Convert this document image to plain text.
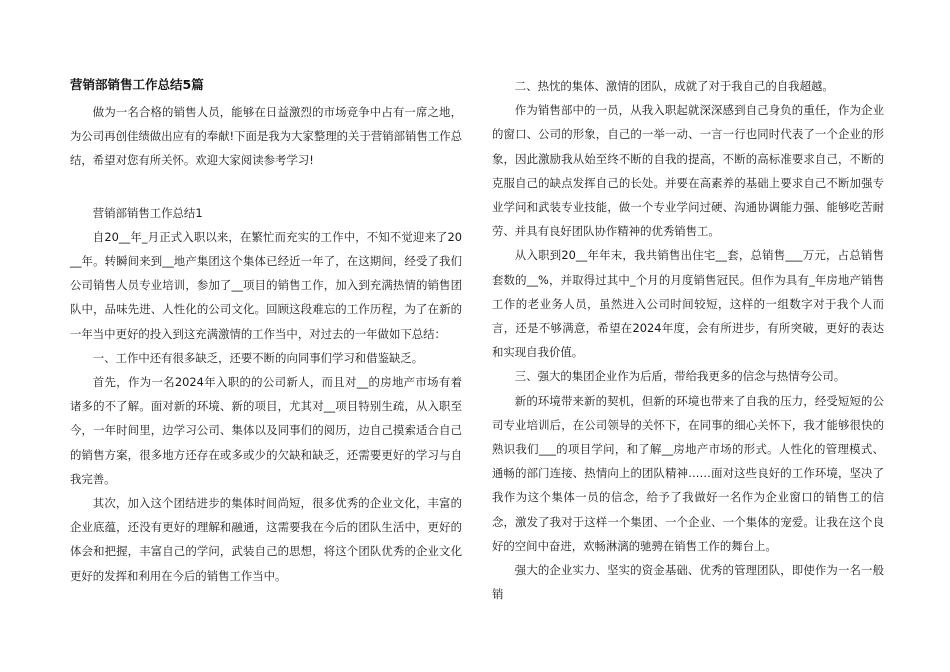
营销部销售工作总结5篇

做为一名合格的销售人员，能够在日益激烈的市场竞争中占有一席之地，为公司再创佳绩做出应有的奉献!下面是我为大家整理的关于营销部销售工作总结，希望对您有所关怀。欢迎大家阅读参考学习!

营销部销售工作总结1

自20__年_月正式入职以来，在繁忙而充实的工作中，不知不觉迎来了20__年。转瞬间来到__地产集团这个集体已经近一年了，在这期间，经受了我们公司销售人员专业培训，参加了__项目的销售工作，加入到充满热情的销售团队中，品味先进、人性化的公司文化。回顾这段难忘的工作历程，为了在新的一年当中更好的投入到这充满激情的工作当中，对过去的一年做如下总结：

一、工作中还有很多缺乏，还要不断的向同事们学习和借鉴缺乏。

首先，作为一名2024年入职的的公司新人，而且对__的房地产市场有着诸多的不了解。面对新的环境、新的项目，尤其对__项目特别生疏，从入职至今，一年时间里，边学习公司、集体以及同事们的阅历，边自己摸索适合自己的销售方案，很多地方还存在或多或少的欠缺和缺乏，还需要更好的学习与自我完善。

其次，加入这个团结进步的集体时间尚短，很多优秀的企业文化，丰富的企业底蕴，还没有更好的理解和融通，这需要我在今后的团队生活中，更好的体会和把握，丰富自己的学问，武装自己的思想，将这个团队优秀的企业文化更好的发挥和利用在今后的销售工作当中。

二、热忱的集体、激情的团队，成就了对于我自己的自我超越。

作为销售部中的一员，从我入职起就深深感到自己身负的重任，作为企业的窗口、公司的形象，自己的一举一动、一言一行也同时代表了一个企业的形象，因此激励我从始至终不断的自我的提高，不断的高标准要求自己，不断的克服自己的缺点发挥自己的长处。并要在高素养的基础上要求自己不断加强专业学问和武装专业技能，做一个专业学问过硬、沟通协调能力强、能够吃苦耐劳、并具有良好团队协作精神的优秀销售工。

从入职到20__年年末，我共销售出住宅__套，总销售___万元，占总销售套数的__%，并取得过其中_个月的月度销售冠民。但作为具有_年房地产销售工作的老业务人员，虽然进入公司时间较短，这样的一组数字对于我个人而言，还是不够满意，希望在2024年度，会有所进步，有所突破，更好的表达和实现自我价值。

三、强大的集团企业作为后盾，带给我更多的信念与热情夸公司。

新的环境带来新的契机，但新的环境也带来了自我的压力，经受短短的公司专业培训后，在公司领导的关怀下，在同事的细心关怀下，我才能够很快的熟识我们___的项目学问，和了解__房地产市场的形式。人性化的管理模式、通畅的部门连接、热情向上的团队精神……面对这些良好的工作环境，坚决了我作为这个集体一员的信念，给予了我做好一名作为企业窗口的销售工的信念，激发了我对于这样一个集团、一个企业、一个集体的宠爱。让我在这个良好的空间中奋进，欢畅淋漓的驰骋在销售工作的舞台上。

强大的企业实力、坚实的资金基础、优秀的管理团队，即使作为一名一般销
